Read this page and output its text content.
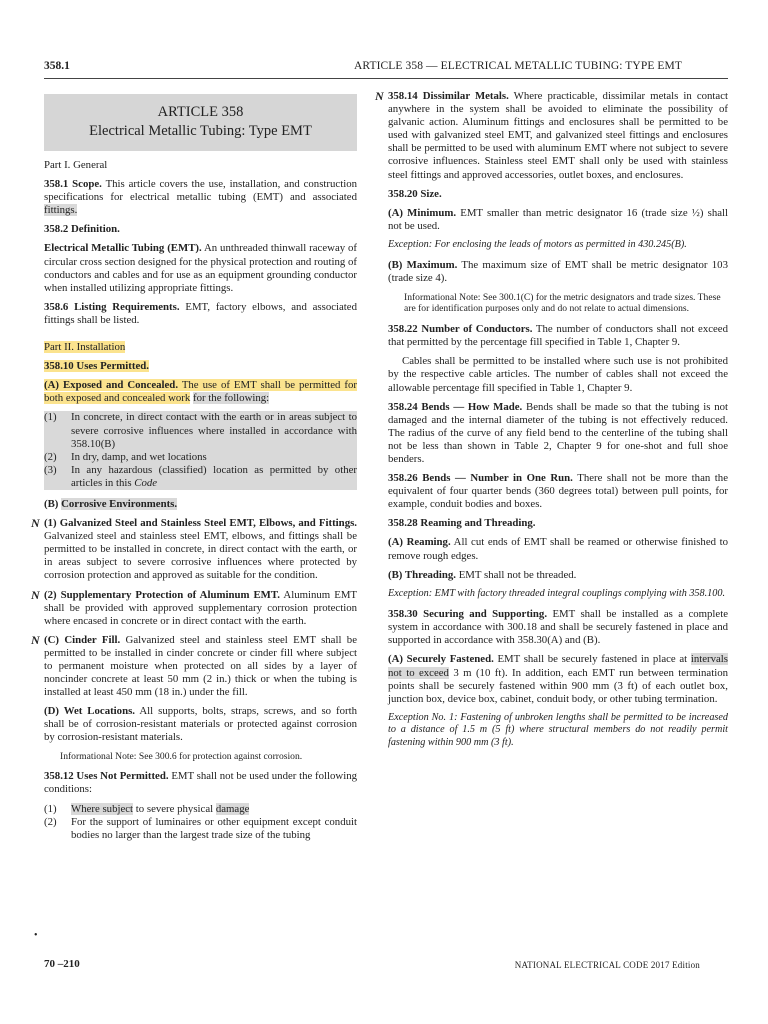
358.1	ARTICLE 358 — ELECTRICAL METALLIC TUBING: TYPE EMT
ARTICLE 358
Electrical Metallic Tubing: Type EMT

Part I. General

358.1 Scope. This article covers the use, installation, and construction specifications for electrical metallic tubing (EMT) and associated fittings.

358.2 Definition.

Electrical Metallic Tubing (EMT). An unthreaded thinwall raceway of circular cross section designed for the physical protection and routing of conductors and cables and for use as an equipment grounding conductor when installed utilizing appropriate fittings.

358.6 Listing Requirements. EMT, factory elbows, and associated fittings shall be listed.

Part II. Installation

358.10 Uses Permitted.

(A) Exposed and Concealed. The use of EMT shall be permitted for both exposed and concealed work for the following:

(1)	In concrete, in direct contact with the earth or in areas subject to severe corrosive influences where installed in accordance with 358.10(B)
(2)	In dry, damp, and wet locations
(3)	In any hazardous (classified) location as permitted by other articles in this Code

(B) Corrosive Environments.

N (1) Galvanized Steel and Stainless Steel EMT, Elbows, and Fittings. Galvanized steel and stainless steel EMT, elbows, and fittings shall be permitted to be installed in concrete, in direct contact with the earth, or in areas subject to severe corrosive influences where protected by corrosion protection and approved as suitable for the condition.

N (2) Supplementary Protection of Aluminum EMT. Aluminum EMT shall be provided with approved supplementary corrosion protection where encased in concrete or in direct contact with the earth.

N (C) Cinder Fill. Galvanized steel and stainless steel EMT shall be permitted to be installed in cinder concrete or cinder fill where subject to permanent moisture when protected on all sides by a layer of noncinder concrete at least 50 mm (2 in.) thick or when the tubing is installed at least 450 mm (18 in.) under the fill.

(D) Wet Locations. All supports, bolts, straps, screws, and so forth shall be of corrosion-resistant materials or protected against corrosion by corrosion-resistant materials.

Informational Note: See 300.6 for protection against corrosion.

358.12 Uses Not Permitted. EMT shall not be used under the following conditions:

(1)	Where subject to severe physical damage
(2)	For the support of luminaires or other equipment except conduit bodies no larger than the largest trade size of the tubing
•

N 358.14 Dissimilar Metals. Where practicable, dissimilar metals in contact anywhere in the system shall be avoided to eliminate the possibility of galvanic action. Aluminum fittings and enclosures shall be permitted to be used with galvanized steel EMT, and galvanized steel fittings and enclosures shall be permitted to be used with aluminum EMT where not subject to severe corrosive influences. Stainless steel EMT shall only be used with stainless steel fittings and approved accessories, outlet boxes, and enclosures.

358.20 Size.

(A) Minimum. EMT smaller than metric designator 16 (trade size ½) shall not be used.

Exception: For enclosing the leads of motors as permitted in 430.245(B).

(B) Maximum. The maximum size of EMT shall be metric designator 103 (trade size 4).

Informational Note: See 300.1(C) for the metric designators and trade sizes. These are for identification purposes only and do not relate to actual dimensions.

358.22 Number of Conductors. The number of conductors shall not exceed that permitted by the percentage fill specified in Table 1, Chapter 9.

Cables shall be permitted to be installed where such use is not prohibited by the respective cable articles. The number of cables shall not exceed the allowable percentage fill specified in Table 1, Chapter 9.

358.24 Bends — How Made. Bends shall be made so that the tubing is not damaged and the internal diameter of the tubing is not effectively reduced. The radius of the curve of any field bend to the centerline of the tubing shall not be less than shown in Table 2, Chapter 9 for one-shot and full shoe benders.

358.26 Bends — Number in One Run. There shall not be more than the equivalent of four quarter bends (360 degrees total) between pull points, for example, conduit bodies and boxes.

358.28 Reaming and Threading.

(A) Reaming. All cut ends of EMT shall be reamed or otherwise finished to remove rough edges.

(B) Threading. EMT shall not be threaded.

Exception: EMT with factory threaded integral couplings complying with 358.100.

358.30 Securing and Supporting. EMT shall be installed as a complete system in accordance with 300.18 and shall be securely fastened in place and supported in accordance with 358.30(A) and (B).

(A) Securely Fastened. EMT shall be securely fastened in place at intervals not to exceed 3 m (10 ft). In addition, each EMT run between termination points shall be securely fastened within 900 mm (3 ft) of each outlet box, junction box, device box, cabinet, conduit body, or other tubing termination.

Exception No. 1: Fastening of unbroken lengths shall be permitted to be increased to a distance of 1.5 m (5 ft) where structural members do not readily permit fastening within 900 mm (3 ft).

70 –210	NATIONAL ELECTRICAL CODE 2017 Edition
